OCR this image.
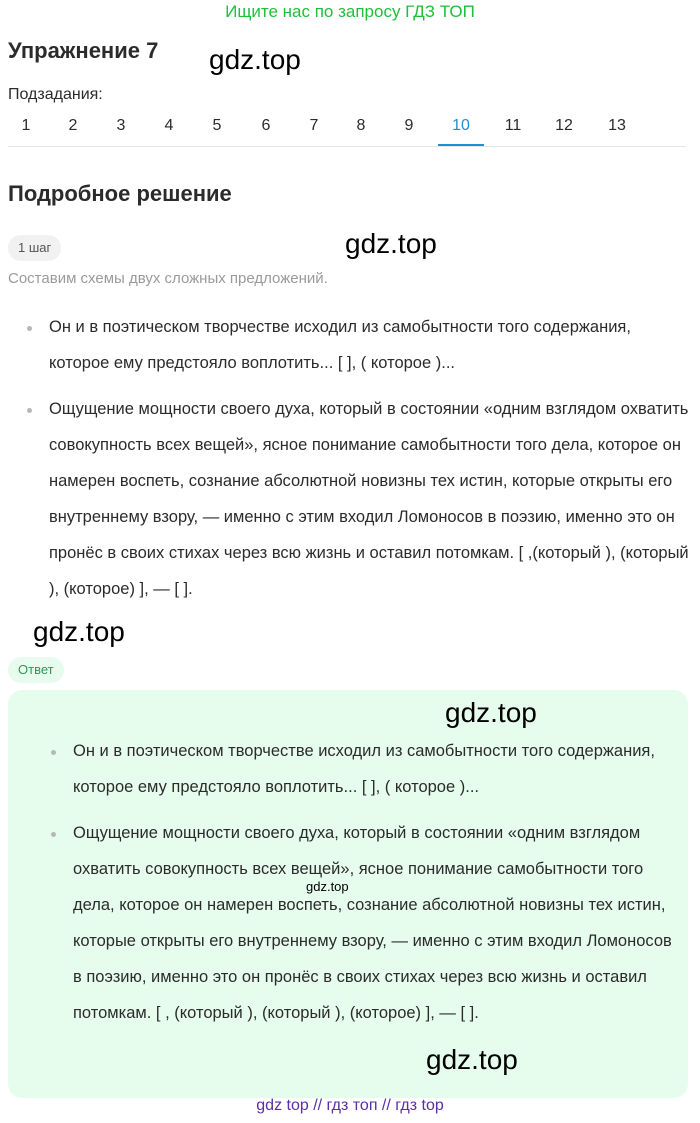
Ищите нас по запросу ГДЗ ТОП
Упражнение 7 gdz.top
Подзадания:
1	2	3	4	5	6	7	8	9	10	11	12	13
Подробное решение
1 шаг	gdz.top
Составим схемы двух сложных предложений.
Он и в поэтическом творчестве исходил из самобытности того содержания, которое ему предстояло воплотить... [ ], ( которое )...
Ощущение мощности своего духа, который в состоянии «одним взглядом охватить совокупность всех вещей», ясное понимание самобытности того дела, которое он намерен воспеть, сознание абсолютной новизны тех истин, которые открыты его внутреннему взору, — именно с этим входил Ломоносов в поэзию, именно это он пронёс в своих стихах через всю жизнь и оставил потомкам. [ ,(который ), (который ), (которое) ], — [ ].
gdz.top
Ответ
gdz.top
Он и в поэтическом творчестве исходил из самобытности того содержания, которое ему предстояло воплотить... [ ], ( которое )...
Ощущение мощности своего духа, который в состоянии «одним взглядом охватить совокупность всех вещей», ясное понимание самобытности того дела, которое он намерен воспеть, сознание абсолютной новизны тех истин, которые открыты его внутреннему взору, — именно с этим входил Ломоносов в поэзию, именно это он пронёс в своих стихах через всю жизнь и оставил потомкам. [ , (который ), (который ), (которое) ], — [ ].
gdz.top
gdz.top
gdz top // гдз топ // гдз top
